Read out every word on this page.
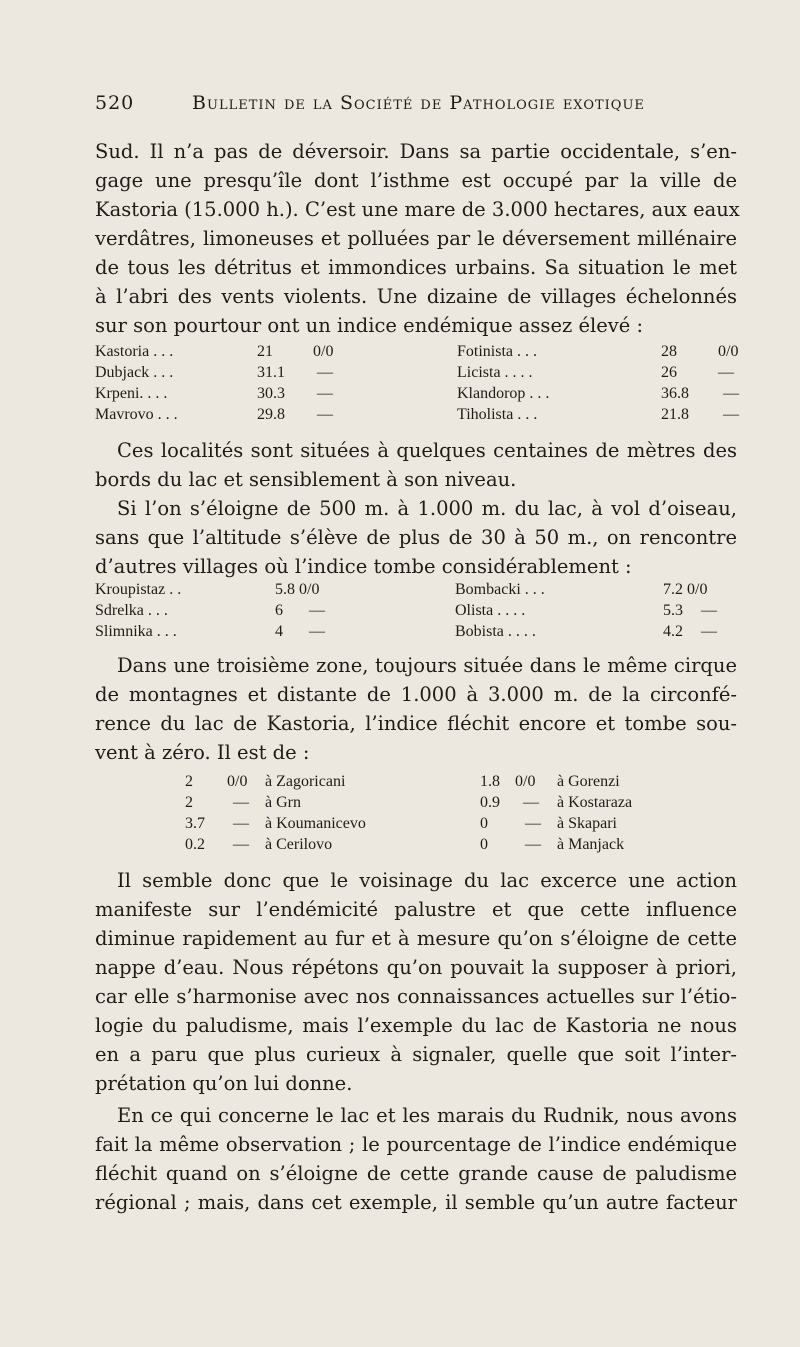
520	Bulletin de la Société de Pathologie exotique
Sud. Il n’a pas de déversoir. Dans sa partie occidentale, s’en-
gage une presqu’île dont l’isthme est occupé par la ville de
Kastoria (15.000 h.). C’est une mare de 3.000 hectares, aux eaux
verdâtres, limoneuses et polluées par le déversement millénaire
de tous les détritus et immondices urbains. Sa situation le met
à l’abri des vents violents. Une dizaine de villages échelonnés
sur son pourtour ont un indice endémique assez élevé :
Kastoria . . .	21	0/0	Fotinista . . .	28	0/0
Dubjack . . .	31.1 —	Licista . . . .	26	—
Krpeni. . . .	30.3 —	Klandorop . . .	36.8 —
Mavrovo . . .	29.8 —	Tiholista . . .	21.8 —
Ces localités sont situées à quelques centaines de mètres des
bords du lac et sensiblement à son niveau.
Si l’on s’éloigne de 500 m. à 1.000 m. du lac, à vol d’oiseau,
sans que l’altitude s’élève de plus de 30 à 50 m., on rencontre
d’autres villages où l’indice tombe considérablement :
Kroupistaz . .	5.8 0/0	Bombacki . . .	7.2 0/0
Sdrelka . . .	6 —	Olista . . . .	5.3 —
Slimnika . . .	4 —	Bobista . . . .	4.2 —
Dans une troisième zone, toujours située dans le même cirque
de montagnes et distante de 1.000 à 3.000 m. de la circonfé-
rence du lac de Kastoria, l’indice fléchit encore et tombe sou-
vent à zéro. Il est de :
2 0/0 à Zagoricani	1.8 0/0 à Gorenzi
2	— à Grn	0.9 — à Kostaraza
3.7 — à Koumanicevo	0 — à Skapari
0.2 — à Cerilovo	0 — à Manjack
Il semble donc que le voisinage du lac excerce une action
manifeste sur l’endémicité palustre et que cette influence
diminue rapidement au fur et à mesure qu’on s’éloigne de cette
nappe d’eau. Nous répétons qu’on pouvait la supposer à priori,
car elle s’harmonise avec nos connaissances actuelles sur l’étio-
logie du paludisme, mais l’exemple du lac de Kastoria ne nous
en a paru que plus curieux à signaler, quelle que soit l’inter-
prétation qu’on lui donne.
En ce qui concerne le lac et les marais du Rudnik, nous avons
fait la même observation ; le pourcentage de l’indice endémique
fléchit quand on s’éloigne de cette grande cause de paludisme
régional ; mais, dans cet exemple, il semble qu’un autre facteur
